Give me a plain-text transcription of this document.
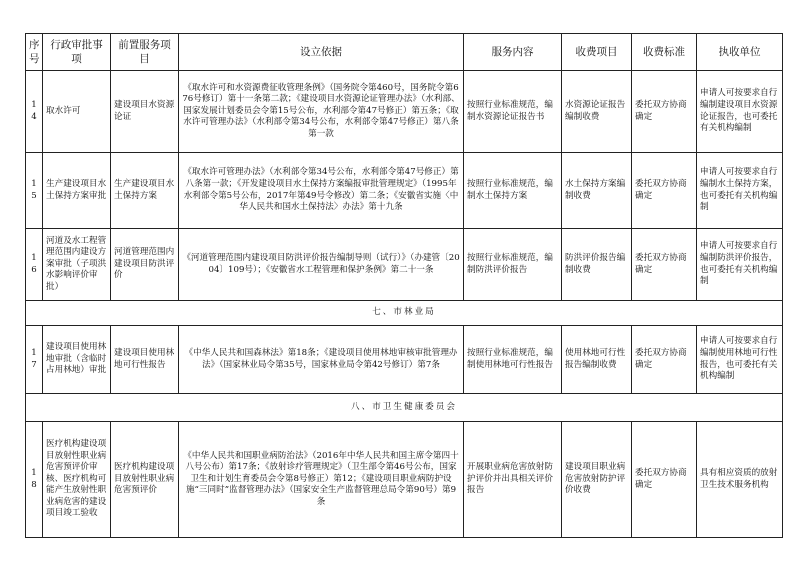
序号	行政审批事项	前置服务项目	设立依据	服务内容	收费项目	收费标准	执收单位
14	取水许可	建设项目水资源论证	《取水许可和水资源费征收管理条例》（国务院令第460号，国务院令第676号修订）第十一条第二款；《建设项目水资源论证管理办法》（水利部、国家发展计划委员会令第15号公布，水利部令第47号修正）第五条；《取水许可管理办法》（水利部令第34号公布，水利部令第47号修正）第八条第一款	按照行业标准规范，编制水资源论证报告书	水资源论证报告编制收费	委托双方协商确定	申请人可按要求自行编制建设项目水资源论证报告，也可委托有关机构编制
15	生产建设项目水土保持方案审批	生产建设项目水土保持方案	《取水许可管理办法》（水利部令第34号公布，水利部令第47号修正）第八条第一款；《开发建设项目水土保持方案编报审批管理规定》（1995年水利部令第5号公布，2017年第49号令修改）第二条；《安徽省实施〈中华人民共和国水土保持法〉办法》第十九条	按照行业标准规范，编制水土保持方案	水土保持方案编制收费	委托双方协商确定	申请人可按要求自行编制水土保持方案，也可委托有关机构编制
16	河道及水工程管理范围内建设方案审批（子项洪水影响评价审批）	河道管理范围内建设项目防洪评价	《河道管理范围内建设项目防洪评价报告编制导则（试行）》（办建管〔2004〕109号）；《安徽省水工程管理和保护条例》第二十一条	按照行业标准规范，编制防洪评价报告	防洪评价报告编制收费	委托双方协商确定	申请人可按要求自行编制防洪评价报告，也可委托有关机构编制
七、市林业局							
17	建设项目使用林地审批（含临时占用林地）审批	建设项目使用林地可行性报告	《中华人民共和国森林法》第18条；《建设项目使用林地审核审批管理办法》（国家林业局令第35号，国家林业局令第42号修订）第7条	按照行业标准规范，编制使用林地可行性报告	使用林地可行性报告编制收费	委托双方协商确定	申请人可按要求自行编制使用林地可行性报告，也可委托有关机构编制
八、市卫生健康委员会							
18	医疗机构建设项目放射性职业病危害预评价审核、医疗机构可能产生放射性职业病危害的建设项目竣工验收	医疗机构建设项目放射性职业病危害预评价	《中华人民共和国职业病防治法》（2016年中华人民共和国主席令第四十八号公布）第17条；《放射诊疗管理规定》（卫生部令第46号公布，国家卫生和计划生育委员会令第8号修正）第12；《建设项目职业病防护设施“三同时”监督管理办法》（国家安全生产监督管理总局令第90号）第9条	开展职业病危害放射防护评价并出具相关评价报告	建设项目职业病危害放射防护评价收费	委托双方协商确定	具有相应资质的放射卫生技术服务机构
